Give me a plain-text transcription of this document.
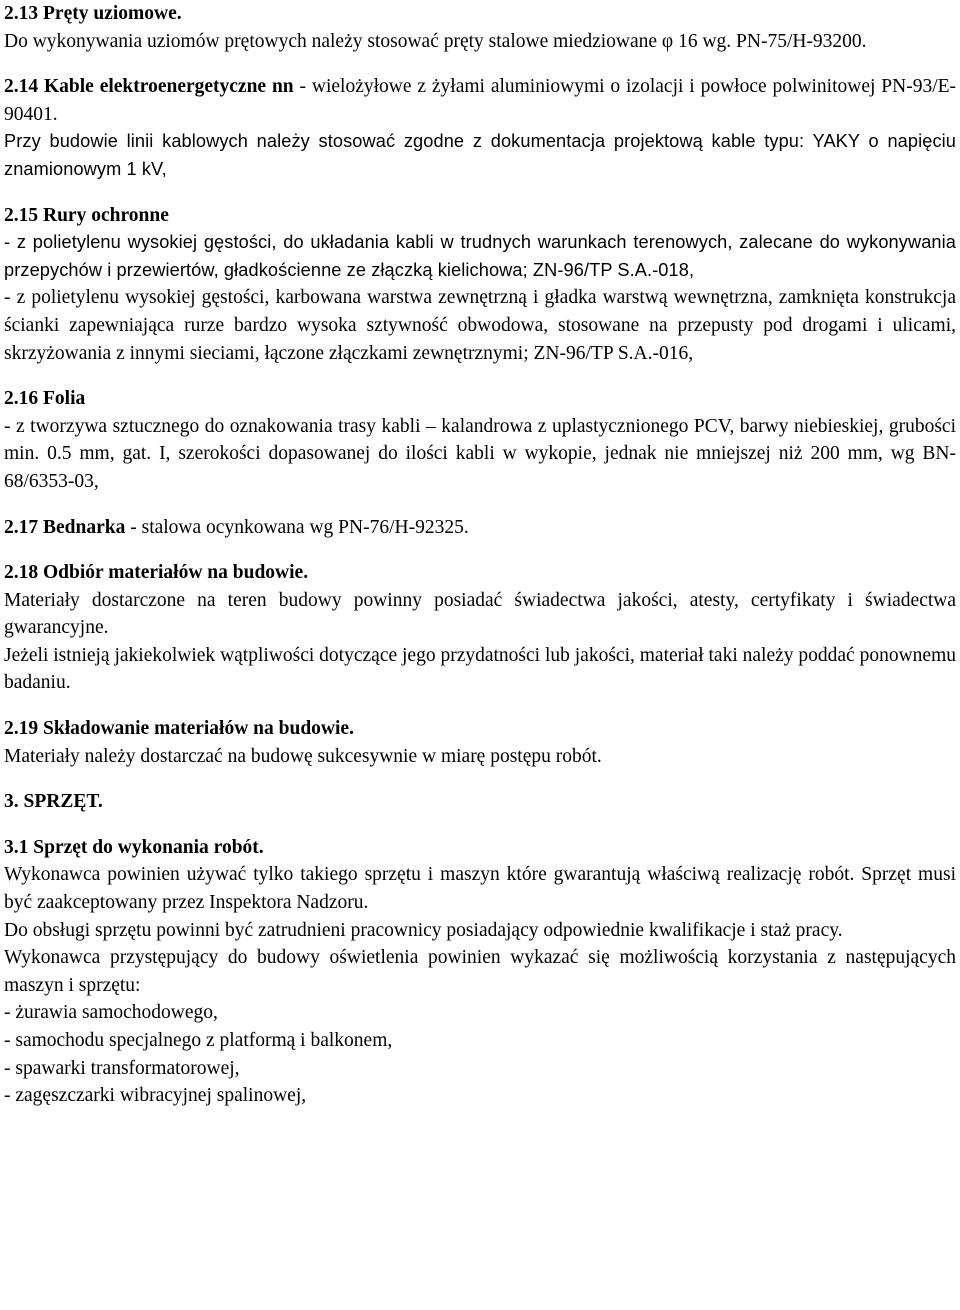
2.13 Pręty uziomowe.
Do wykonywania uziomów prętowych należy stosować pręty stalowe miedziowane φ 16 wg. PN-75/H-93200.
2.14 Kable elektroenergetyczne nn - wielożyłowe z żyłami aluminiowymi o izolacji i powłoce polwinitowej PN-93/E-90401.
Przy budowie linii kablowych należy stosować zgodne z dokumentacja projektową kable typu: YAKY o napięciu znamionowym 1 kV,
2.15 Rury ochronne
- z polietylenu wysokiej gęstości, do układania kabli w trudnych warunkach terenowych, zalecane do wykonywania przepychów i przewiertów, gładkościenne ze złączką kielichowa; ZN-96/TP S.A.-018,
- z polietylenu wysokiej gęstości, karbowana warstwa zewnętrzną i gładka warstwą wewnętrzna, zamknięta konstrukcja ścianki zapewniająca rurze bardzo wysoka sztywność obwodowa, stosowane na przepusty pod drogami i ulicami, skrzyżowania z innymi sieciami, łączone złączkami zewnętrznymi; ZN-96/TP S.A.-016,
2.16 Folia
- z tworzywa sztucznego do oznakowania trasy kabli – kalandrowa z uplastycznionego PCV, barwy niebieskiej, grubości min. 0.5 mm, gat. I, szerokości dopasowanej do ilości kabli w wykopie, jednak nie mniejszej niż 200 mm, wg BN-68/6353-03,
2.17 Bednarka - stalowa ocynkowana wg PN-76/H-92325.
2.18 Odbiór materiałów na budowie.
Materiały dostarczone na teren budowy powinny posiadać świadectwa jakości, atesty, certyfikaty i świadectwa gwarancyjne.
Jeżeli istnieją jakiekolwiek wątpliwości dotyczące jego przydatności lub jakości, materiał taki należy poddać ponownemu badaniu.
2.19 Składowanie materiałów na budowie.
Materiały należy dostarczać na budowę sukcesywnie w miarę postępu robót.
3. SPRZĘT.
3.1 Sprzęt do wykonania robót.
Wykonawca powinien używać tylko takiego sprzętu i maszyn które gwarantują właściwą realizację robót. Sprzęt musi być zaakceptowany przez Inspektora Nadzoru.
Do obsługi sprzętu powinni być zatrudnieni pracownicy posiadający odpowiednie kwalifikacje i staż pracy.
Wykonawca przystępujący do budowy oświetlenia powinien wykazać się możliwością korzystania z następujących maszyn i sprzętu:
- żurawia samochodowego,
- samochodu specjalnego z platformą i balkonem,
- spawarki transformatorowej,
- zagęszczarki wibracyjnej spalinowej,
